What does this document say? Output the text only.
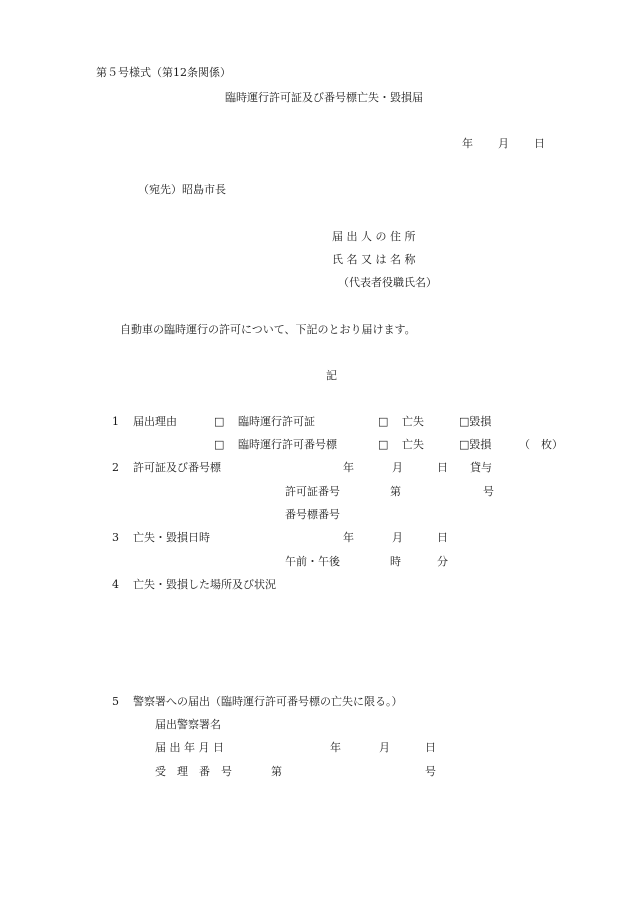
第５号様式（第12条関係）
臨時運行許可証及び番号標亡失・毀損届
年 月 日
（宛先）昭島市長
届 出 人 の 住 所
氏 名 又 は 名 称
（代表者役職氏名）
自動車の臨時運行の許可について、下記のとおり届けます。
記
1 届出理由	□ 臨時運行許可証	□ 亡失	□毀損
□ 臨時運行許可番号標	□ 亡失	□毀損	（　枚）
2 許可証及び番号標	年	月	日 貸与
許可証番号	第	号
番号標番号
3 亡失・毀損日時	年	月	日
午前・午後	時	分
4 亡失・毀損した場所及び状況
5 警察署への届出（臨時運行許可番号標の亡失に限る。）
届出警察署名
届 出 年 月 日	年	月	日
受　理　番　号	第	号
